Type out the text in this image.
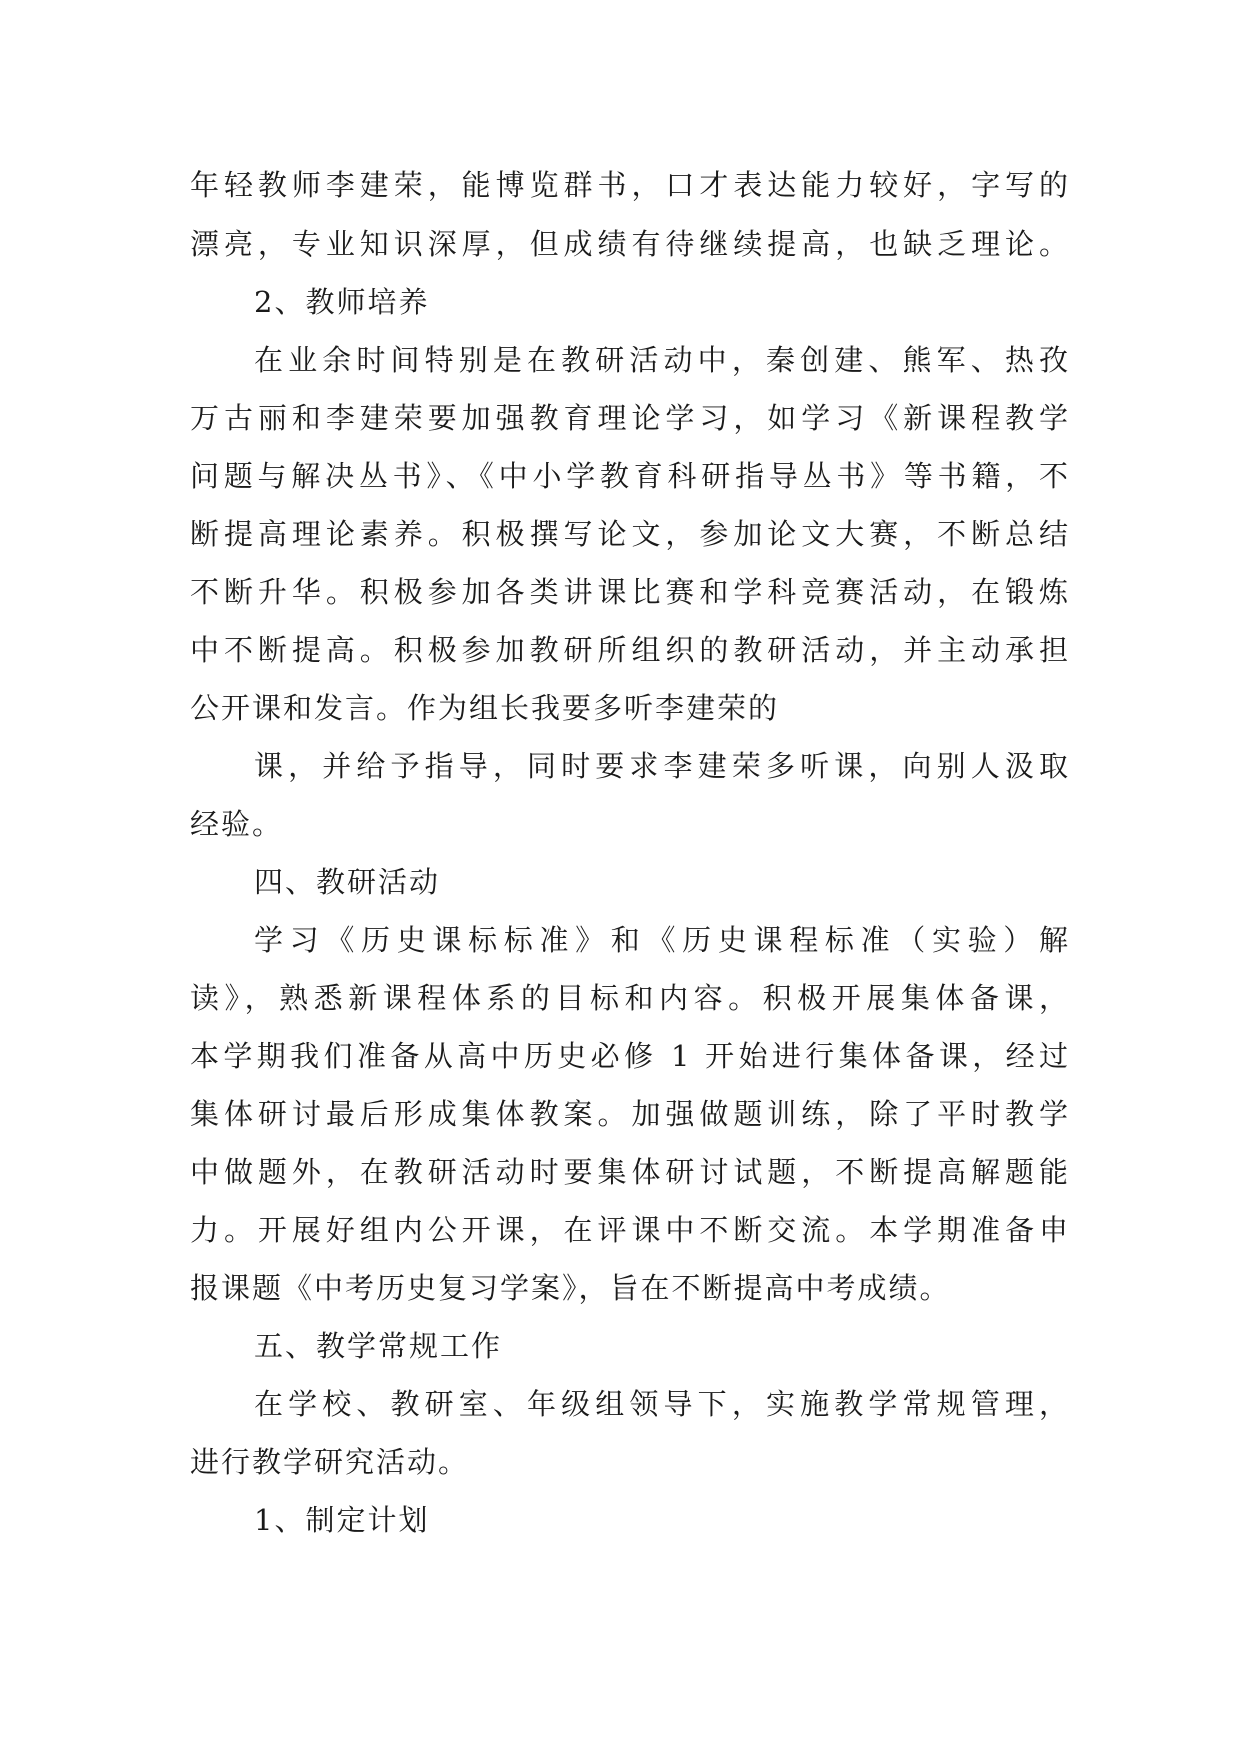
年轻教师李建荣，能博览群书，口才表达能力较好，字写的
漂亮，专业知识深厚，但成绩有待继续提高，也缺乏理论。
2、教师培养
在业余时间特别是在教研活动中，秦创建、熊军、热孜
万古丽和李建荣要加强教育理论学习，如学习《新课程教学
问题与解决丛书》、《中小学教育科研指导丛书》等书籍，不
断提高理论素养。积极撰写论文，参加论文大赛，不断总结
不断升华。积极参加各类讲课比赛和学科竞赛活动，在锻炼
中不断提高。积极参加教研所组织的教研活动，并主动承担
公开课和发言。作为组长我要多听李建荣的
课，并给予指导，同时要求李建荣多听课，向别人汲取
经验。
四、教研活动
学习《历史课标标准》和《历史课程标准（实验）解
读》，熟悉新课程体系的目标和内容。积极开展集体备课，
本学期我们准备从高中历史必修 1 开始进行集体备课，经过
集体研讨最后形成集体教案。加强做题训练，除了平时教学
中做题外，在教研活动时要集体研讨试题，不断提高解题能
力。开展好组内公开课，在评课中不断交流。本学期准备申
报课题《中考历史复习学案》，旨在不断提高中考成绩。
五、教学常规工作
在学校、教研室、年级组领导下，实施教学常规管理，
进行教学研究活动。
1、制定计划
